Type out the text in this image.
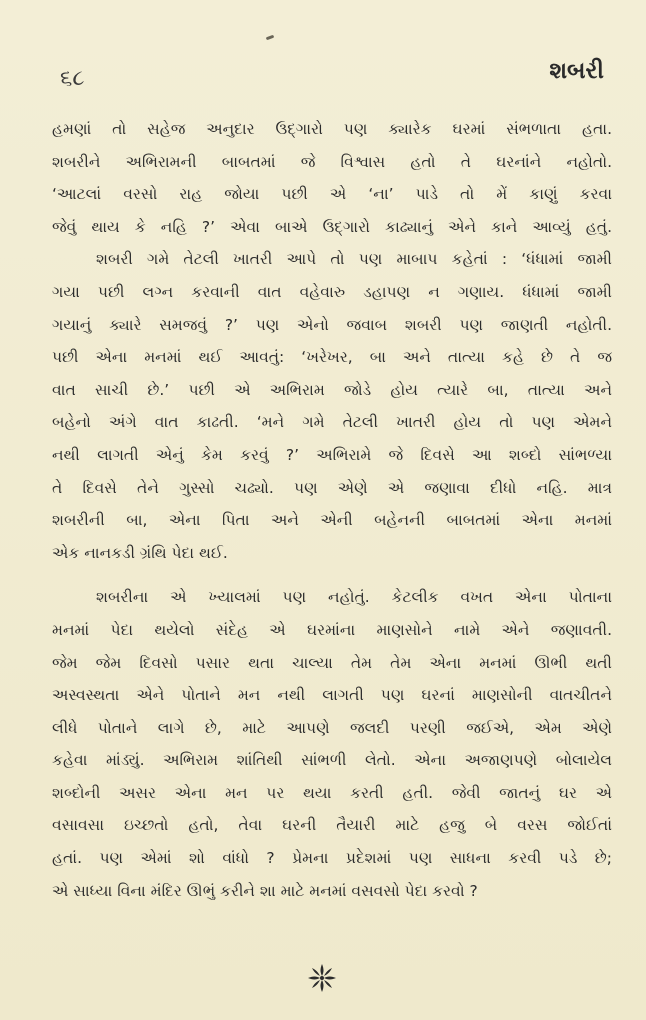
૬૮	શબરી

હમણાં તો સહેજ અનુદાર ઉદ્‌ગારો પણ ક્યારેક ઘરમાં સંભળાતા હતા.
શબરીને અભિરામની બાબતમાં જે વિશ્વાસ હતો તે ઘરનાંને નહોતો.
‘આટલાં વરસો રાહ જોયા પછી એ ‘ના’ પાડે તો મેં કાણું કરવા
જેવું થાય કે નહિ ?’ એવા બાએ ઉદ્‌ગારો કાઢ્યાનું એને કાને આવ્યું હતું.

શબરી ગમે તેટલી ખાતરી આપે તો પણ માબાપ કહેતાં : ‘ધંધામાં જામી
ગયા પછી લગ્ન કરવાની વાત વહેવારુ ડહાપણ ન ગણાય. ધંધામાં જામી
ગયાનું ક્યારે સમજવું ?’ પણ એનો જવાબ શબરી પણ જાણતી નહોતી.
પછી એના મનમાં થઈ આવતું: ‘ખરેખર, બા અને તાત્યા કહે છે તે જ
વાત સાચી છે.’ પછી એ અભિરામ જોડે હોય ત્યારે બા, તાત્યા અને
બહેનો અંગે વાત કાઢતી. ‘મને ગમે તેટલી ખાતરી હોય તો પણ એમને
નથી લાગતી એનું કેમ કરવું ?’ અભિરામે જે દિવસે આ શબ્દો સાંભળ્યા
તે દિવસે તેને ગુસ્સો ચઢ્યો. પણ એણે એ જણાવા દીધો નહિ. માત્ર
શબરીની બા, એના પિતા અને એની બહેનની બાબતમાં એના મનમાં
એક નાનકડી ગ્રંથિ પેદા થઈ.

શબરીના એ ખ્યાલમાં પણ નહોતું. કેટલીક વખત એના પોતાના
મનમાં પેદા થયેલો સંદેહ એ ઘરમાંના માણસોને નામે એને જણાવતી.
જેમ જેમ દિવસો પસાર થતા ચાલ્યા તેમ તેમ એના મનમાં ઊભી થતી
અસ્વસ્થતા એને પોતાને મન નથી લાગતી પણ ઘરનાં માણસોની વાતચીતને
લીધે પોતાને લાગે છે, માટે આપણે જલદી પરણી જઈએ, એમ એણે
કહેવા માંડ્યું. અભિરામ શાંતિથી સાંભળી લેતો. એના અજાણપણે બોલાયેલ
શબ્દોની અસર એના મન પર થયા કરતી હતી. જેવી જાતનું ઘર એ
વસાવસા ઇચ્છતો હતો, તેવા ઘરની તૈયારી માટે હજુ બે વરસ જોઈતાં
હતાં. પણ એમાં શો વાંધો ? પ્રેમના પ્રદેશમાં પણ સાધના કરવી પડે છે;
એ સાધ્યા વિના મંદિર ઊભું કરીને શા માટે મનમાં વસવસો પેદા કરવો ?
